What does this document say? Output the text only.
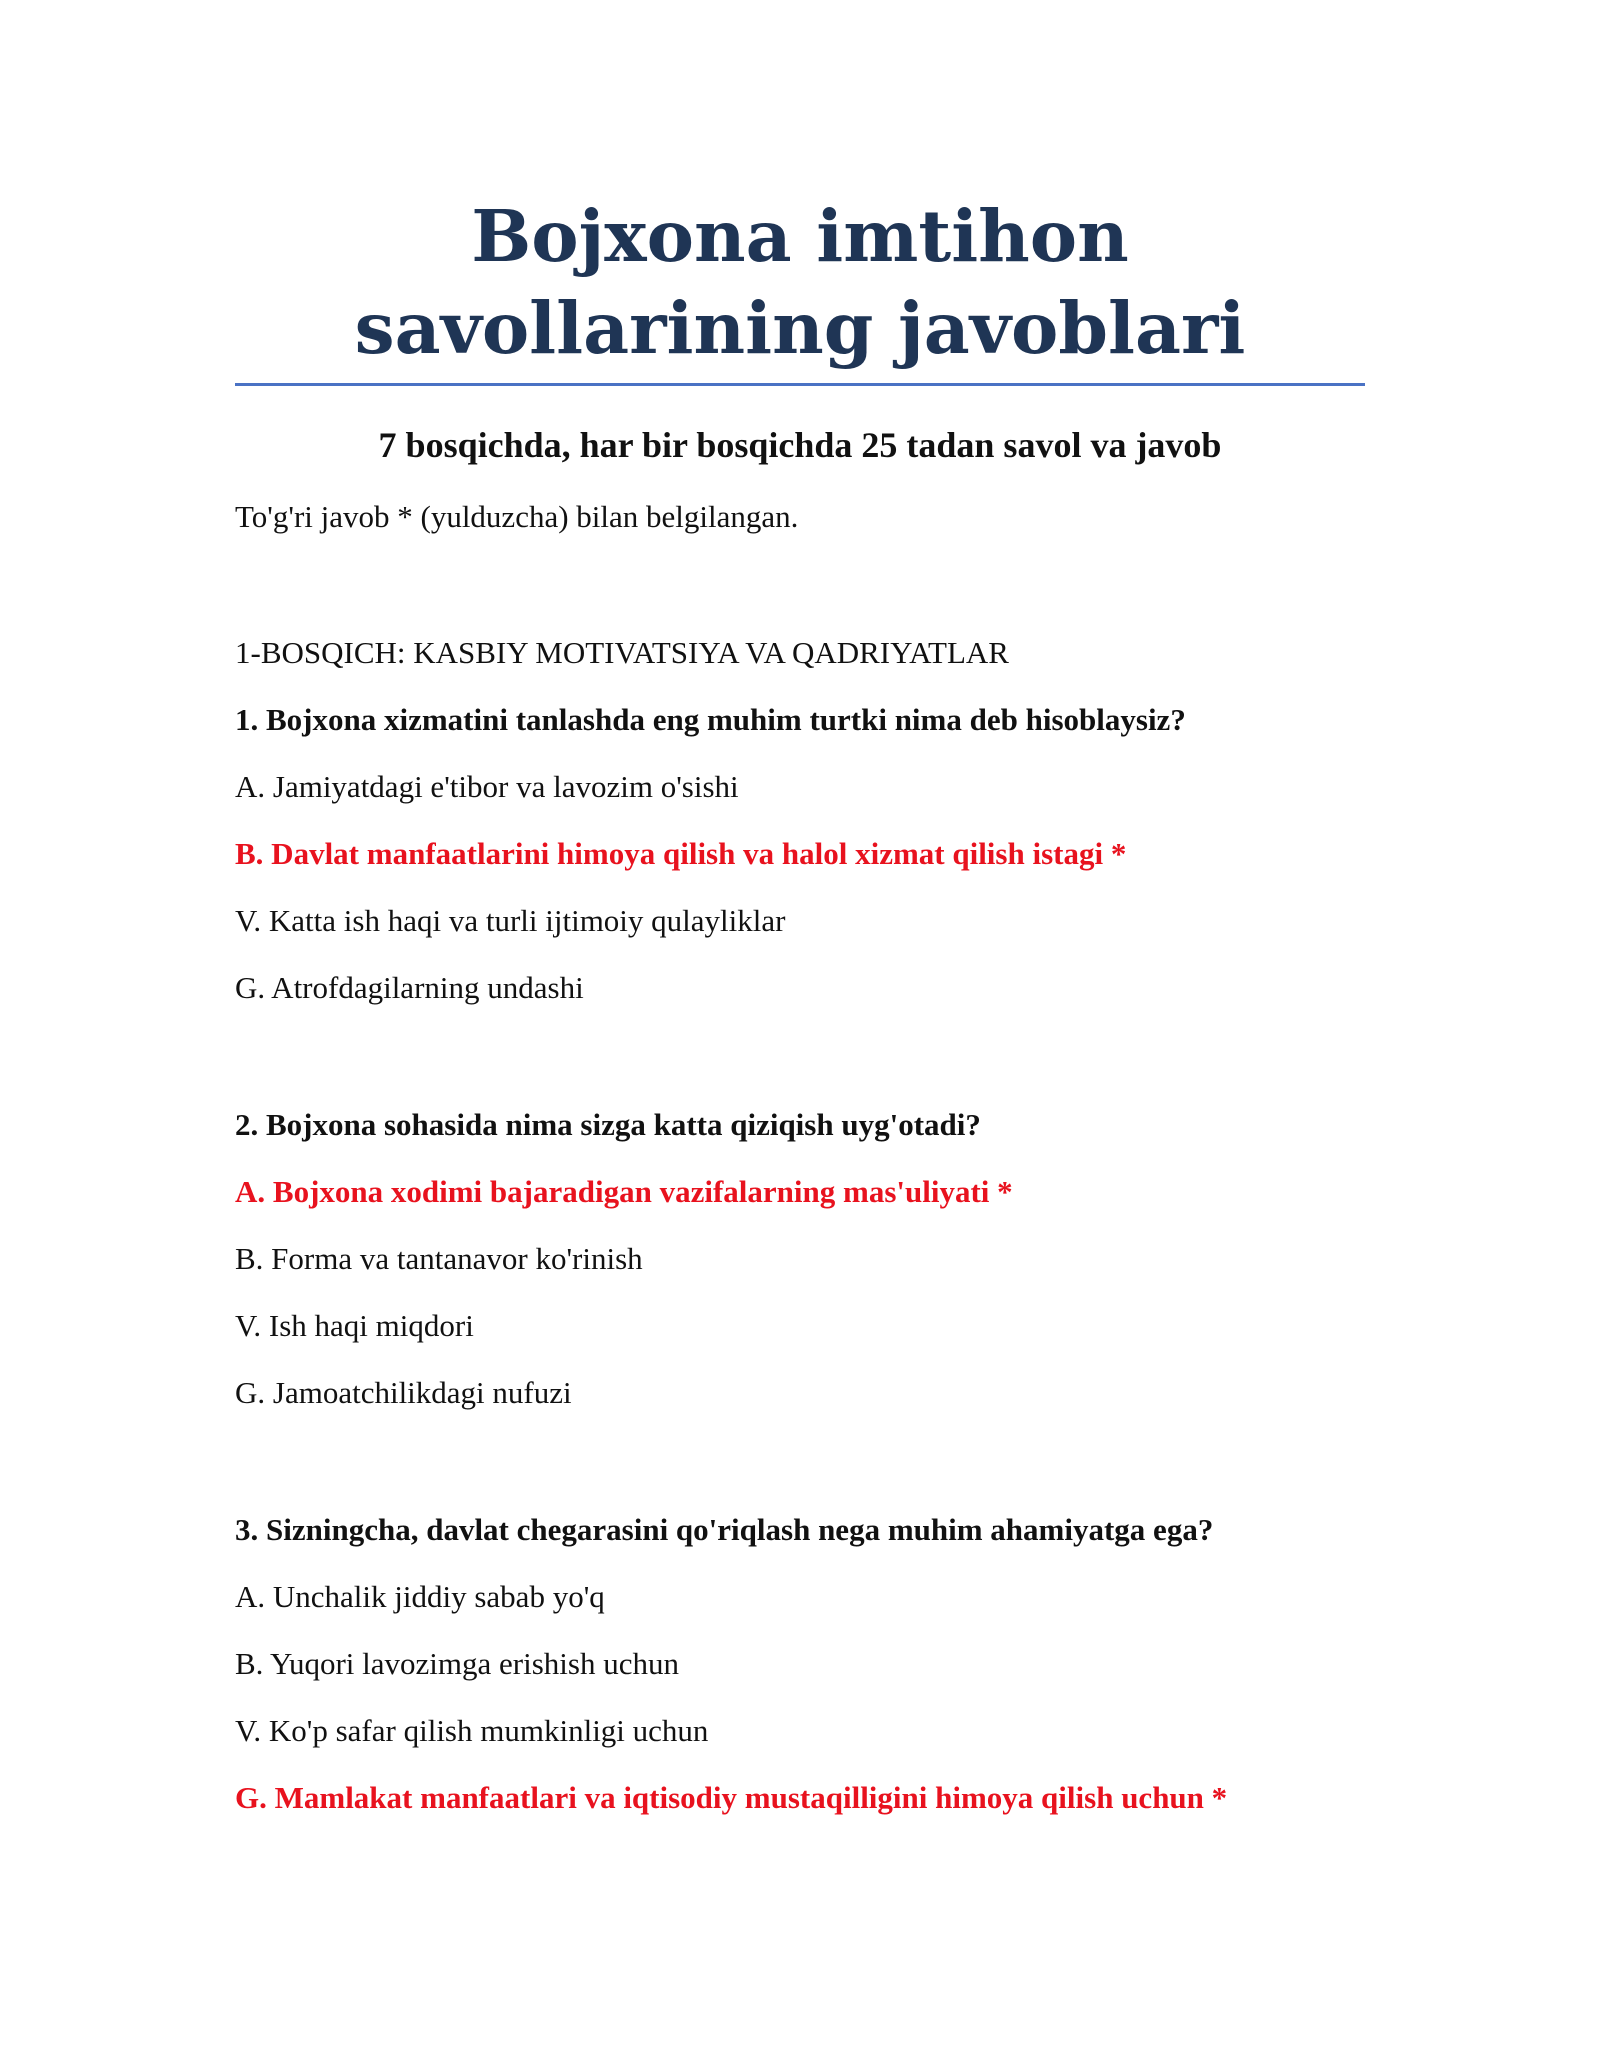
Bojxona imtihon savollarining javoblari

7 bosqichda, har bir bosqichda 25 tadan savol va javob

To'g'ri javob * (yulduzcha) bilan belgilangan.

1-BOSQICH: KASBIY MOTIVATSIYA VA QADRIYATLAR

1. Bojxona xizmatini tanlashda eng muhim turtki nima deb hisoblaysiz?

A. Jamiyatdagi e'tibor va lavozim o'sishi

B. Davlat manfaatlarini himoya qilish va halol xizmat qilish istagi *

V. Katta ish haqi va turli ijtimoiy qulayliklar

G. Atrofdagilarning undashi

2. Bojxona sohasida nima sizga katta qiziqish uyg'otadi?

A. Bojxona xodimi bajaradigan vazifalarning mas'uliyati *

B. Forma va tantanavor ko'rinish

V. Ish haqi miqdori

G. Jamoatchilikdagi nufuzi

3. Sizningcha, davlat chegarasini qo'riqlash nega muhim ahamiyatga ega?

A. Unchalik jiddiy sabab yo'q

B. Yuqori lavozimga erishish uchun

V. Ko'p safar qilish mumkinligi uchun

G. Mamlakat manfaatlari va iqtisodiy mustaqilligini himoya qilish uchun *
